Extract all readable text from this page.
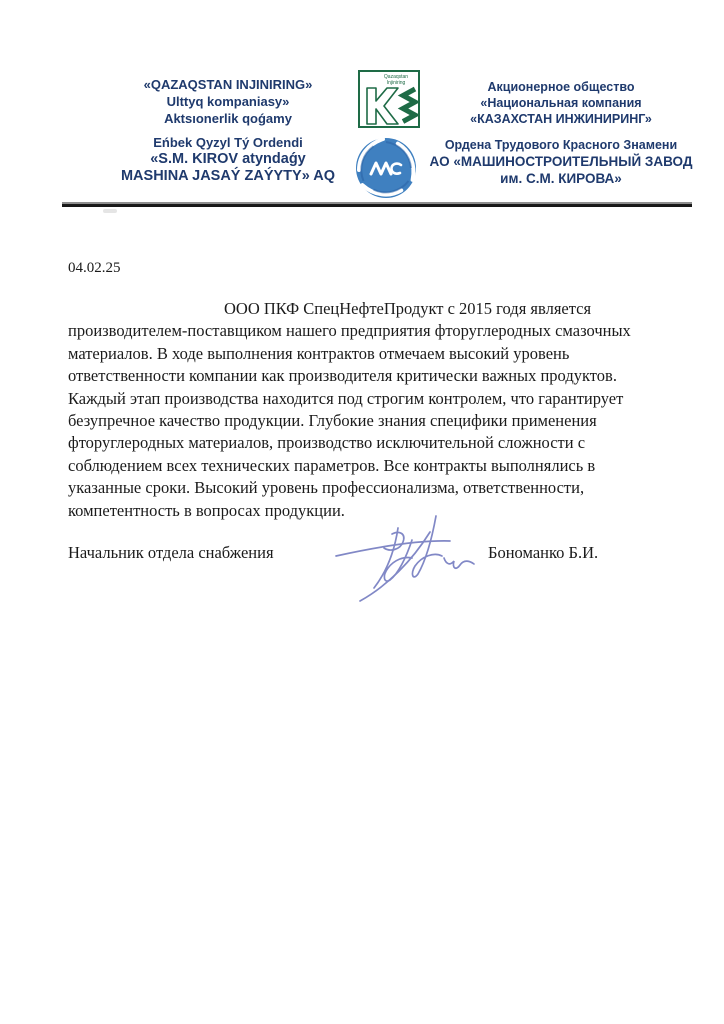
«QAZAQSTAN INJINIRING»
Ulttyq kompaniasy»
Aktsıonerlik qoǵamy
Eńbek Qyzyl Tý Ordendi
«S.M. KIROV atyndaǵy
MASHINA JASAÝ ZAÝYTY» AQ
Qazaqstan
Injiniring	Акционерное общество
«Национальная компания
«КАЗАХСТАН ИНЖИНИРИНГ»
Ордена Трудового Красного Знамени
АО «МАШИНОСТРОИТЕЛЬНЫЙ ЗАВОД
им. С.М. КИРОВА»
04.02.25
ООО ПКФ СпецНефтеПродукт с 2015 годя является
производителем-поставщиком нашего предприятия фторуглеродных смазочных
материалов. В ходе выполнения контрактов отмечаем высокий уровень
ответственности компании как производителя критически важных продуктов.
Каждый этап производства находится под строгим контролем, что гарантирует
безупречное качество продукции. Глубокие знания специфики применения
фторуглеродных материалов, производство исключительной сложности с
соблюдением всех технических параметров. Все контракты выполнялись в
указанные сроки. Высокий уровень профессионализма, ответственности,
компетентность в вопросах продукции.
Начальник отдела снабжения	Бономанко Б.И.
